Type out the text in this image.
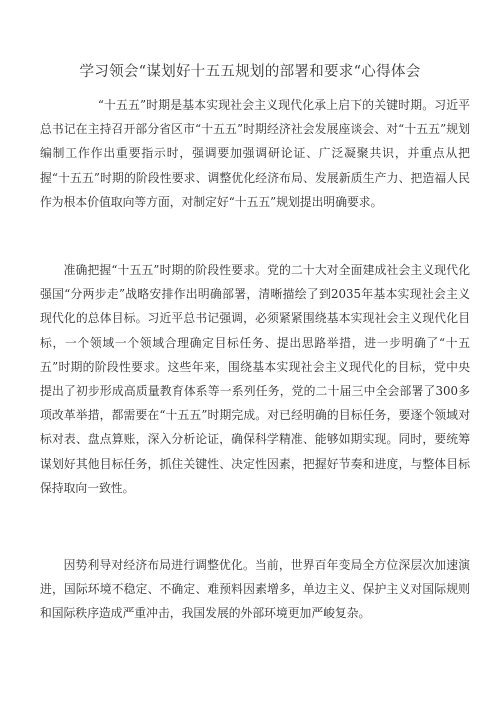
学习领会“谋划好十五五规划的部署和要求“心得体会
“十五五”时期是基本实现社会主义现代化承上启下的关键时期。习近平总书记在主持召开部分省区市“十五五”时期经济社会发展座谈会、对“十五五”规划编制工作作出重要指示时，强调要加强调研论证、广泛凝聚共识，并重点从把握“十五五”时期的阶段性要求、调整优化经济布局、发展新质生产力、把造福人民作为根本价值取向等方面，对制定好“十五五”规划提出明确要求。
准确把握“十五五”时期的阶段性要求。党的二十大对全面建成社会主义现代化强国“分两步走”战略安排作出明确部署，清晰描绘了到2035年基本实现社会主义现代化的总体目标。习近平总书记强调，必须紧紧围绕基本实现社会主义现代化目标，一个领域一个领域合理确定目标任务、提出思路举措，进一步明确了“十五五”时期的阶段性要求。这些年来，围绕基本实现社会主义现代化的目标，党中央提出了初步形成高质量教育体系等一系列任务，党的二十届三中全会部署了300多项改革举措，都需要在“十五五”时期完成。对已经明确的目标任务，要逐个领域对标对表、盘点算账，深入分析论证，确保科学精准、能够如期实现。同时，要统筹谋划好其他目标任务，抓住关键性、决定性因素，把握好节奏和进度，与整体目标保持取向一致性。
因势利导对经济布局进行调整优化。当前，世界百年变局全方位深层次加速演进，国际环境不稳定、不确定、难预料因素增多，单边主义、保护主义对国际规则和国际秩序造成严重冲击，我国发展的外部环境更加严峻复杂。
